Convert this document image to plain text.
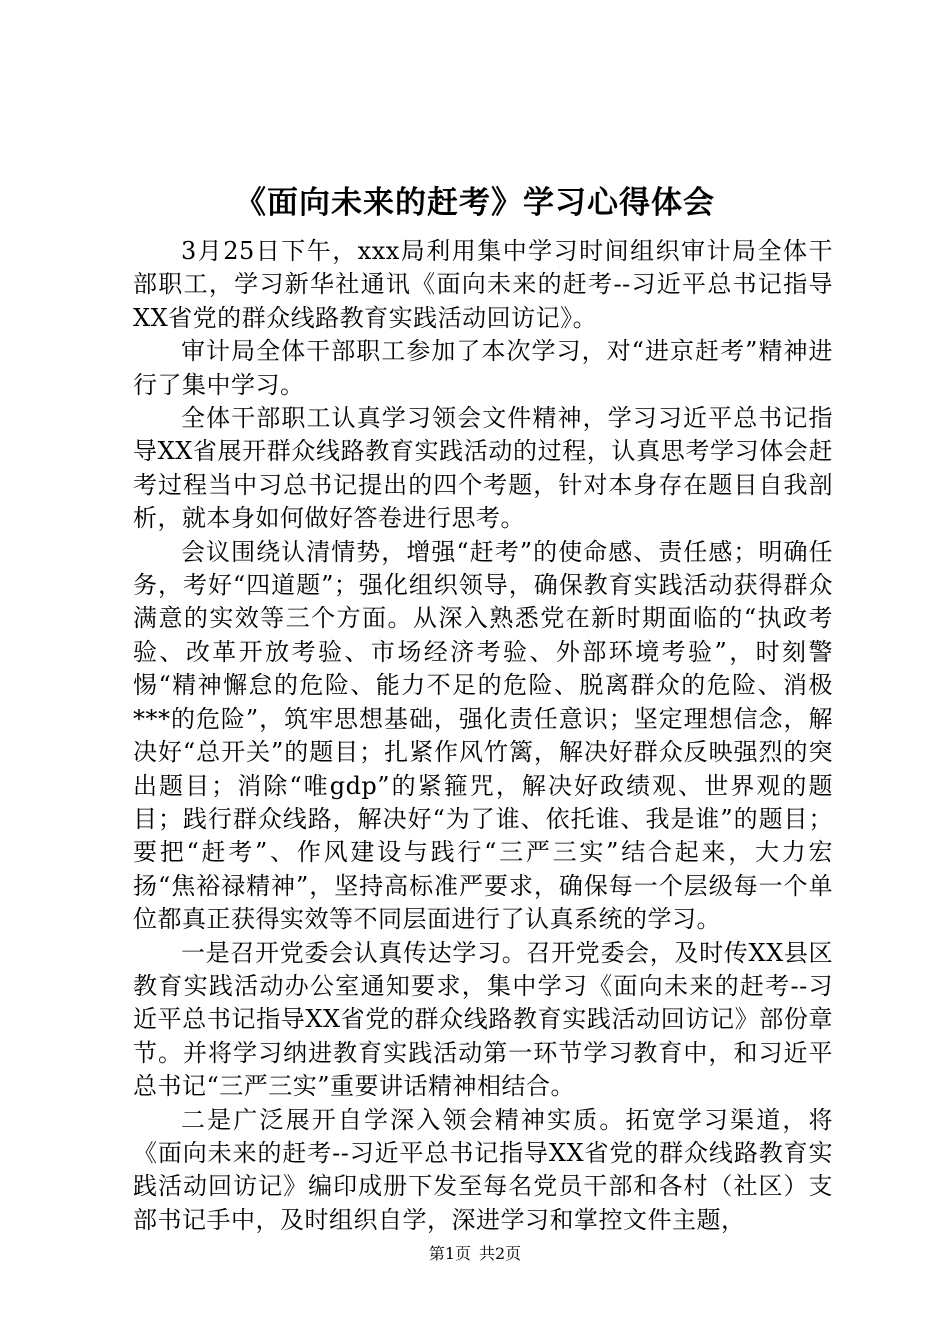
《面向未来的赶考》学习心得体会

3月25日下午，xxx局利用集中学习时间组织审计局全体干部职工，学习新华社通讯《面向未来的赶考--习近平总书记指导XX省党的群众线路教育实践活动回访记》。

审计局全体干部职工参加了本次学习，对“进京赶考”精神进行了集中学习。

全体干部职工认真学习领会文件精神，学习习近平总书记指导XX省展开群众线路教育实践活动的过程，认真思考学习体会赶考过程当中习总书记提出的四个考题，针对本身存在题目自我剖析，就本身如何做好答卷进行思考。

会议围绕认清情势，增强“赶考”的使命感、责任感；明确任务，考好“四道题”；强化组织领导，确保教育实践活动获得群众满意的实效等三个方面。从深入熟悉党在新时期面临的“执政考验、改革开放考验、市场经济考验、外部环境考验”，时刻警惕“精神懈怠的危险、能力不足的危险、脱离群众的危险、消极***的危险”，筑牢思想基础，强化责任意识；坚定理想信念，解决好“总开关”的题目；扎紧作风竹篱，解决好群众反映强烈的突出题目；消除“唯gdp”的紧箍咒，解决好政绩观、世界观的题目；践行群众线路，解决好“为了谁、依托谁、我是谁”的题目；要把“赶考”、作风建设与践行“三严三实”结合起来，大力宏扬“焦裕禄精神”，坚持高标准严要求，确保每一个层级每一个单位都真正获得实效等不同层面进行了认真系统的学习。

一是召开党委会认真传达学习。召开党委会，及时传XX县区教育实践活动办公室通知要求，集中学习《面向未来的赶考--习近平总书记指导XX省党的群众线路教育实践活动回访记》部份章节。并将学习纳进教育实践活动第一环节学习教育中，和习近平总书记“三严三实”重要讲话精神相结合。

二是广泛展开自学深入领会精神实质。拓宽学习渠道，将《面向未来的赶考--习近平总书记指导XX省党的群众线路教育实践活动回访记》编印成册下发至每名党员干部和各村（社区）支部书记手中，及时组织自学，深进学习和掌控文件主题，

第1页 共2页
